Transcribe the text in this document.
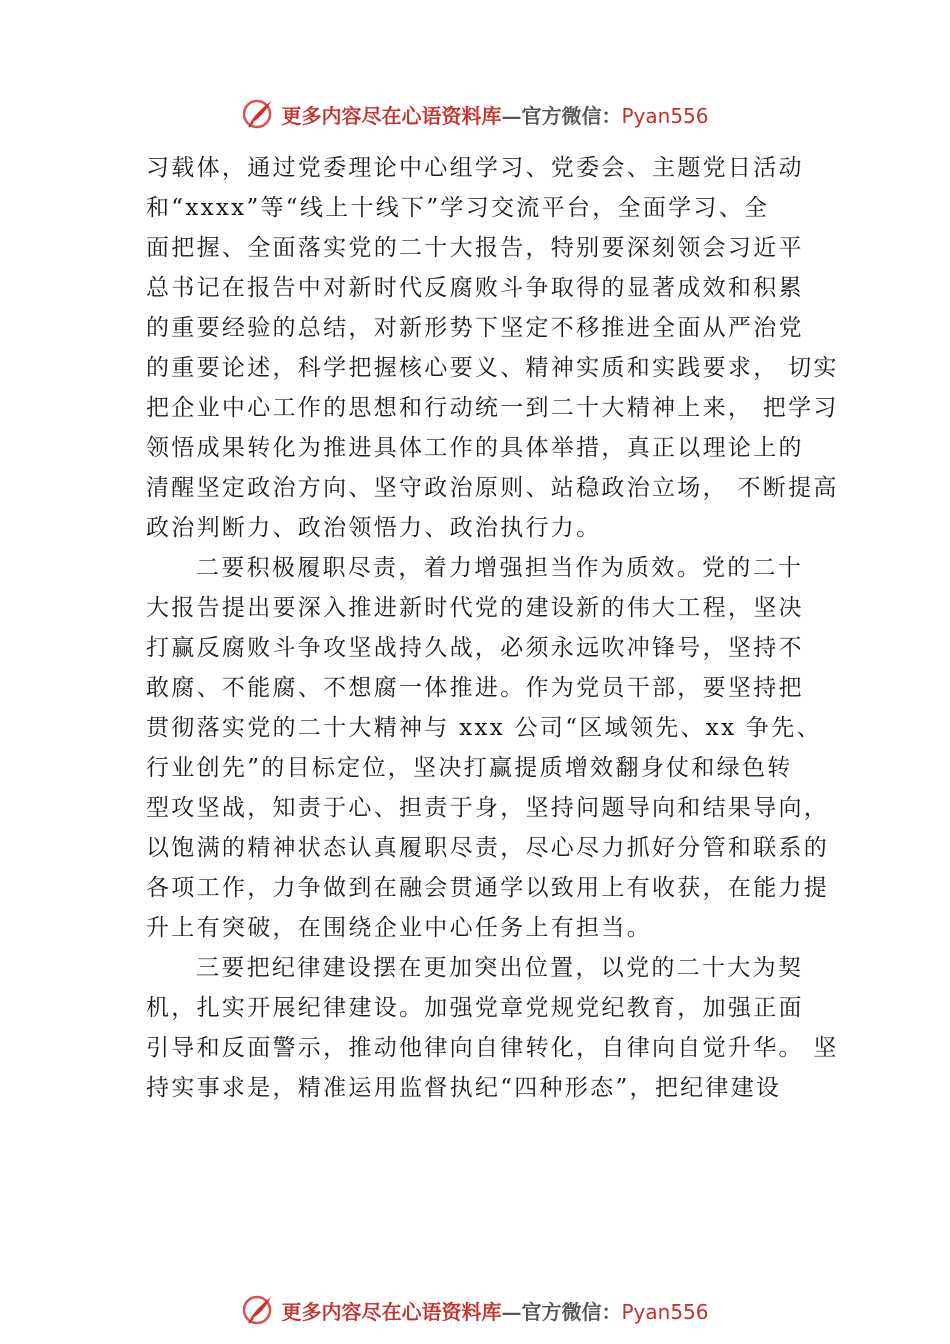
更多内容尽在心语资料库—官方微信：Pyan556
习载体，通过党委理论中心组学习、党委会、主题党日活动
和“xxxx”等“线上十线下”学习交流平台，全面学习、全
面把握、全面落实党的二十大报告，特别要深刻领会习近平
总书记在报告中对新时代反腐败斗争取得的显著成效和积累
的重要经验的总结，对新形势下坚定不移推进全面从严治党
的重要论述，科学把握核心要义、精神实质和实践要求， 切实
把企业中心工作的思想和行动统一到二十大精神上来， 把学习
领悟成果转化为推进具体工作的具体举措，真正以理论上的
清醒坚定政治方向、坚守政治原则、站稳政治立场， 不断提高
政治判断力、政治领悟力、政治执行力。
二要积极履职尽责，着力增强担当作为质效。党的二十
大报告提出要深入推进新时代党的建设新的伟大工程，坚决
打赢反腐败斗争攻坚战持久战，必须永远吹冲锋号，坚持不
敢腐、不能腐、不想腐一体推进。作为党员干部，要坚持把
贯彻落实党的二十大精神与 xxx 公司“区域领先、xx 争先、
行业创先”的目标定位，坚决打赢提质增效翻身仗和绿色转
型攻坚战，知责于心、担责于身，坚持问题导向和结果导向，
以饱满的精神状态认真履职尽责，尽心尽力抓好分管和联系的
各项工作，力争做到在融会贯通学以致用上有收获，在能力提
升上有突破，在围绕企业中心任务上有担当。
三要把纪律建设摆在更加突出位置，以党的二十大为契
机，扎实开展纪律建设。加强党章党规党纪教育，加强正面
引导和反面警示，推动他律向自律转化，自律向自觉升华。 坚
持实事求是，精准运用监督执纪“四种形态”，把纪律建设
更多内容尽在心语资料库—官方微信：Pyan556
